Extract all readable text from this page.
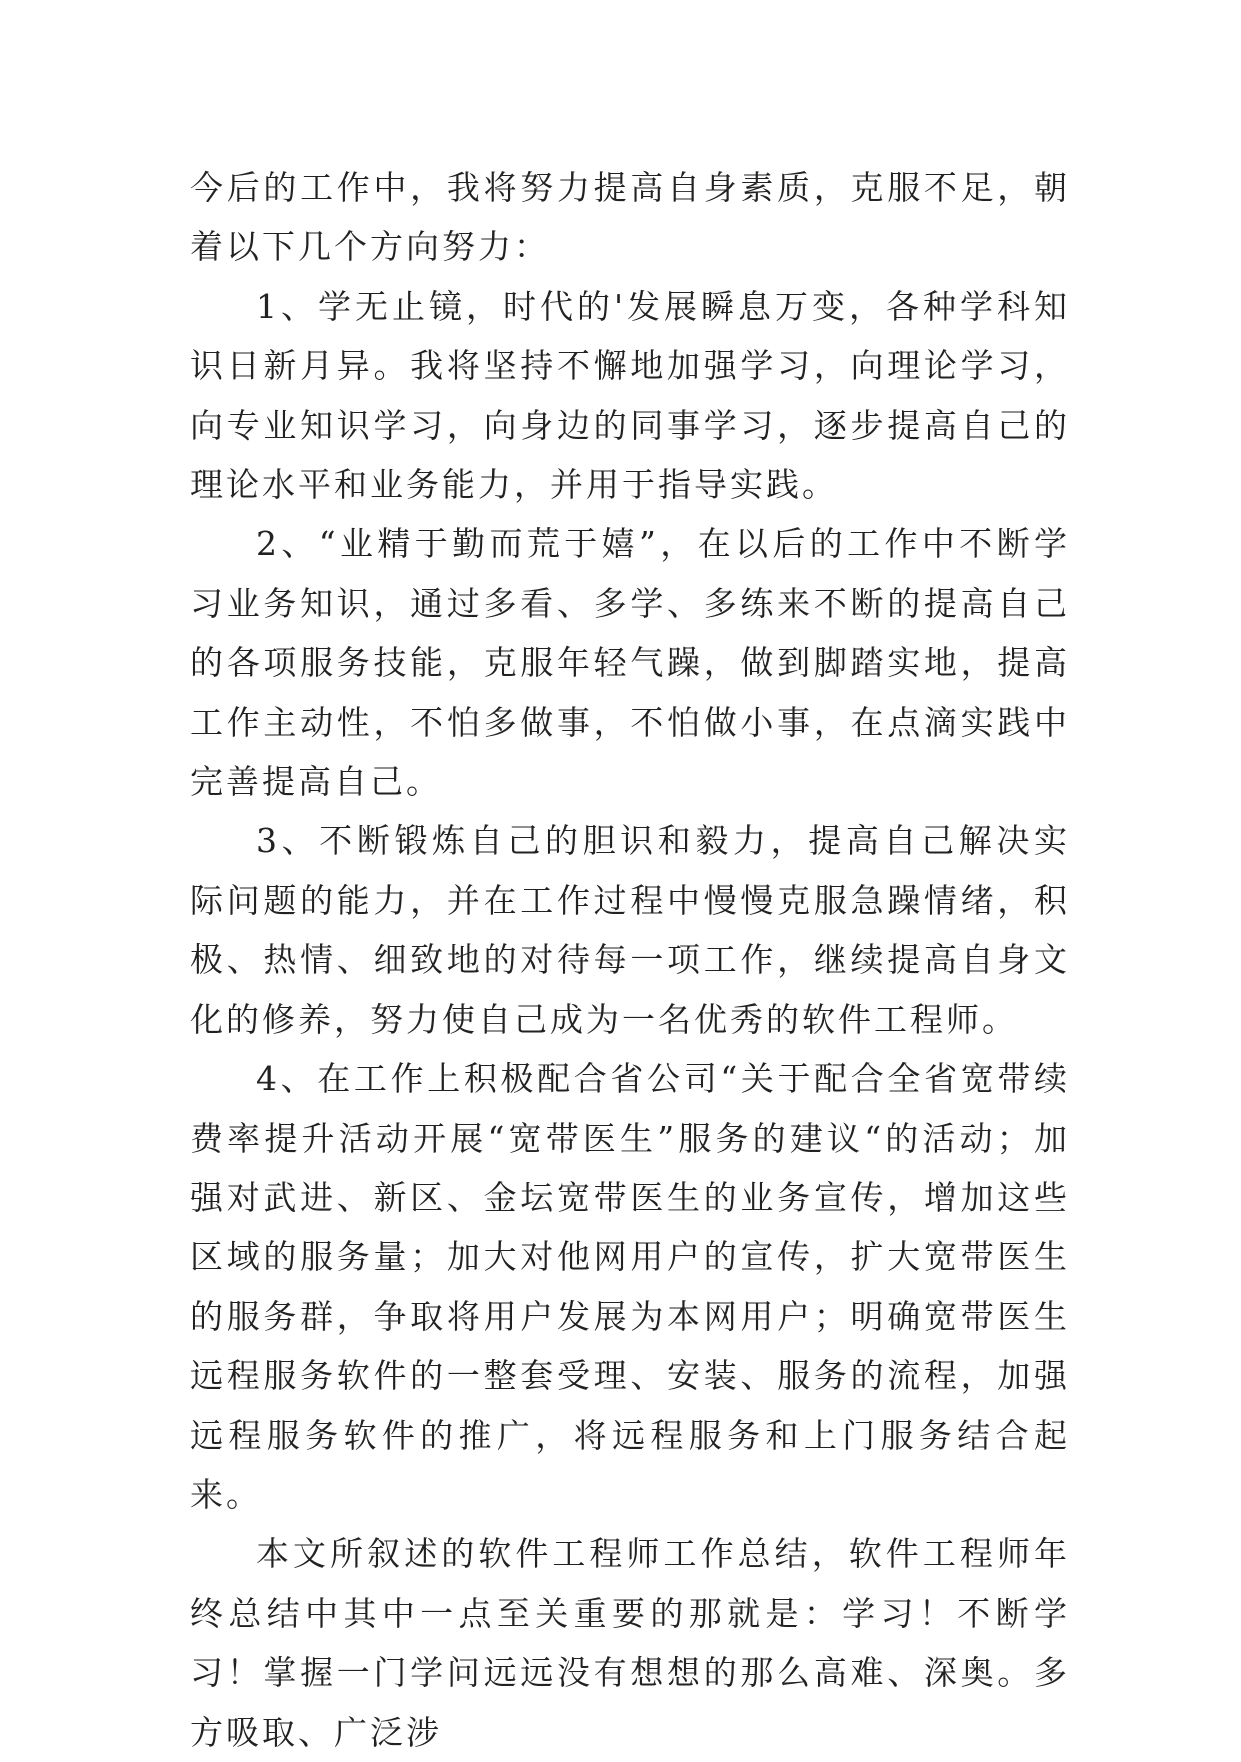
今后的工作中，我将努力提高自身素质，克服不足，朝着以下几个方向努力：

1、学无止镜，时代的'发展瞬息万变，各种学科知识日新月异。我将坚持不懈地加强学习，向理论学习，向专业知识学习，向身边的同事学习，逐步提高自己的理论水平和业务能力，并用于指导实践。

2、“业精于勤而荒于嬉”，在以后的工作中不断学习业务知识，通过多看、多学、多练来不断的提高自己的各项服务技能，克服年轻气躁，做到脚踏实地，提高工作主动性，不怕多做事，不怕做小事，在点滴实践中完善提高自己。

3、不断锻炼自己的胆识和毅力，提高自己解决实际问题的能力，并在工作过程中慢慢克服急躁情绪，积极、热情、细致地的对待每一项工作，继续提高自身文化的修养，努力使自己成为一名优秀的软件工程师。

4、在工作上积极配合省公司“关于配合全省宽带续费率提升活动开展“宽带医生”服务的建议“的活动；加强对武进、新区、金坛宽带医生的业务宣传，增加这些区域的服务量；加大对他网用户的宣传，扩大宽带医生的服务群，争取将用户发展为本网用户；明确宽带医生远程服务软件的一整套受理、安装、服务的流程，加强远程服务软件的推广，将远程服务和上门服务结合起来。

本文所叙述的软件工程师工作总结，软件工程师年终总结中其中一点至关重要的那就是：学习！不断学习！掌握一门学问远远没有想想的那么高难、深奥。多方吸取、广泛涉
